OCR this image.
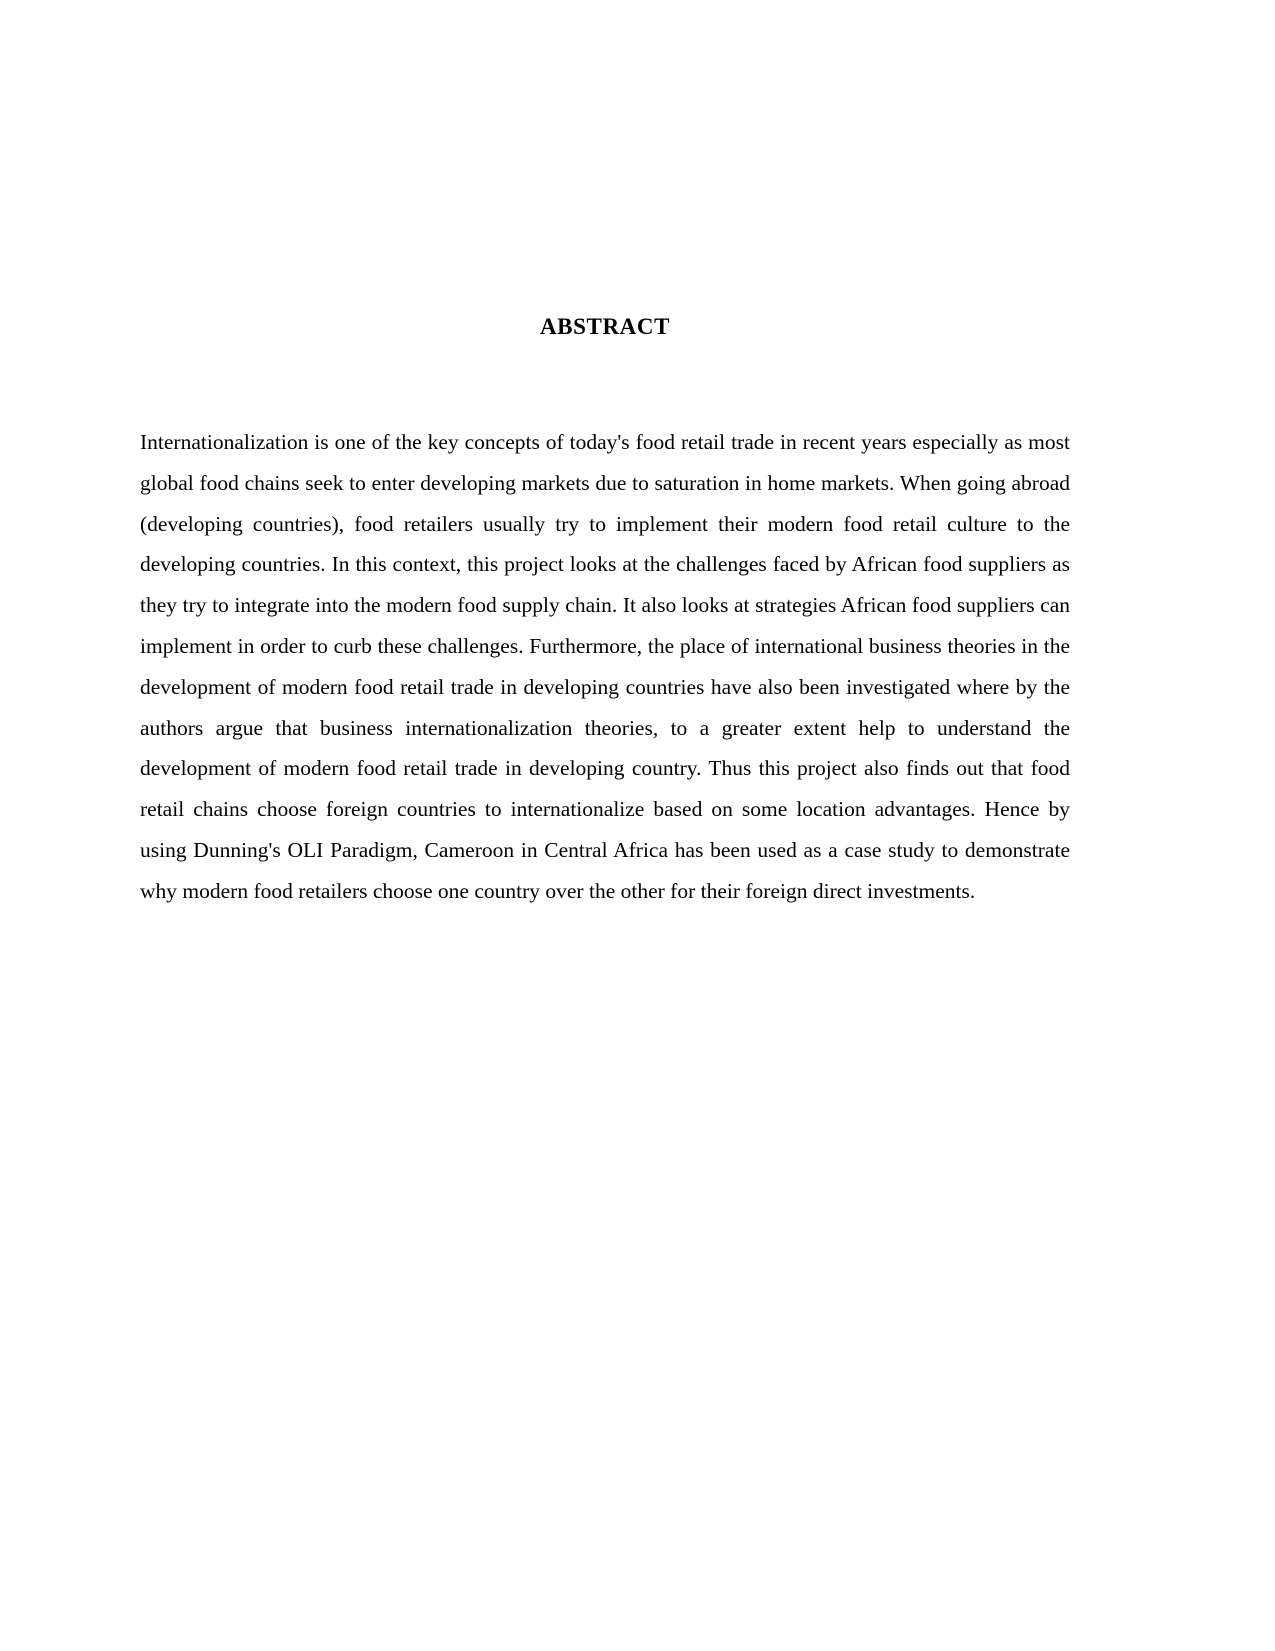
ABSTRACT

Internationalization is one of the key concepts of today's food retail trade in recent years especially as most global food chains seek to enter developing markets due to saturation in home markets. When going abroad (developing countries), food retailers usually try to implement their modern food retail culture to the developing countries. In this context, this project looks at the challenges faced by African food suppliers as they try to integrate into the modern food supply chain. It also looks at strategies African food suppliers can implement in order to curb these challenges. Furthermore, the place of international business theories in the development of modern food retail trade in developing countries have also been investigated where by the authors argue that business internationalization theories, to a greater extent help to understand the development of modern food retail trade in developing country. Thus this project also finds out that food retail chains choose foreign countries to internationalize based on some location advantages. Hence by using Dunning's OLI Paradigm, Cameroon in Central Africa has been used as a case study to demonstrate why modern food retailers choose one country over the other for their foreign direct investments.
